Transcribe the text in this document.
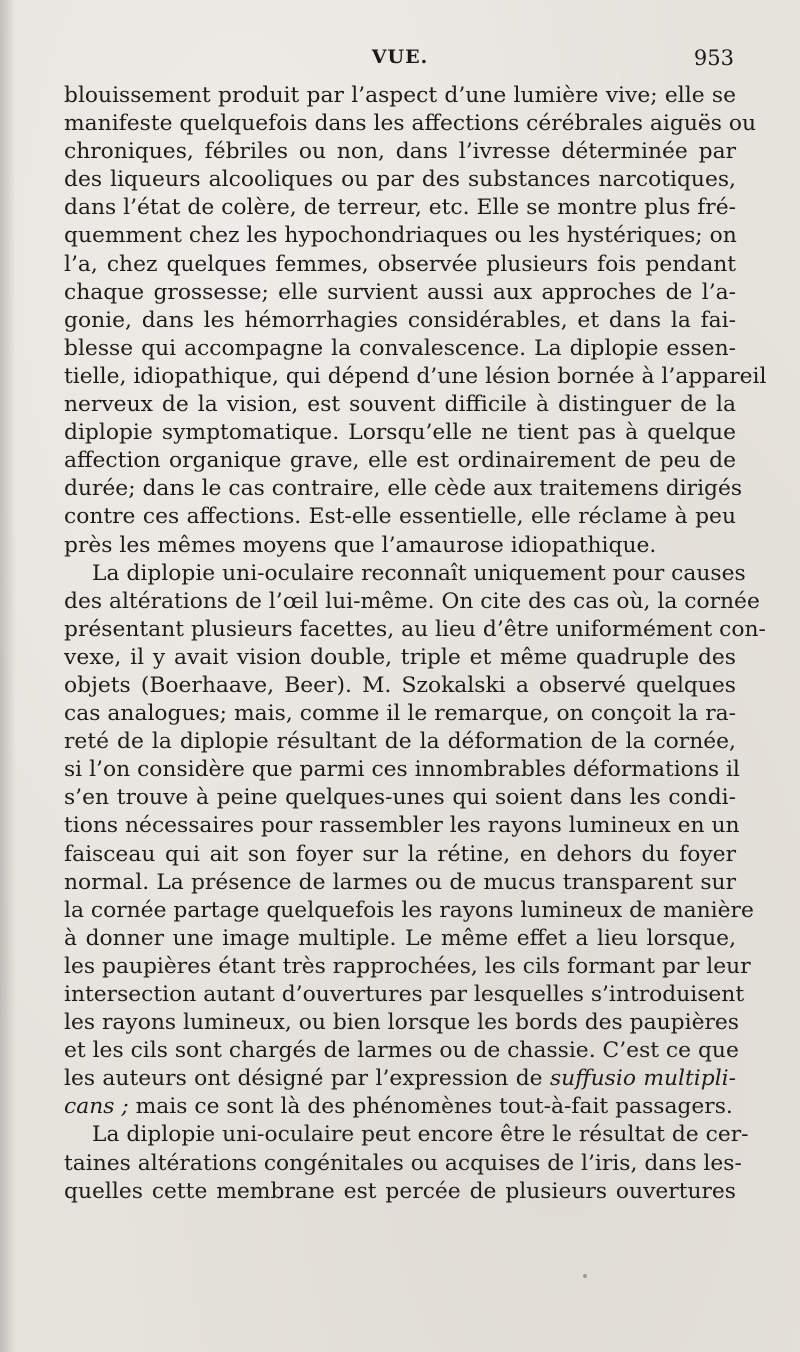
VUE.	953
blouissement produit par l’aspect d’une lumière vive; elle se
manifeste quelquefois dans les affections cérébrales aiguës ou
chroniques, fébriles ou non, dans l’ivresse déterminée par
des liqueurs alcooliques ou par des substances narcotiques,
dans l’état de colère, de terreur, etc. Elle se montre plus fré-
quemment chez les hypochondriaques ou les hystériques; on
l’a, chez quelques femmes, observée plusieurs fois pendant
chaque grossesse; elle survient aussi aux approches de l’a-
gonie, dans les hémorrhagies considérables, et dans la fai-
blesse qui accompagne la convalescence. La diplopie essen-
tielle, idiopathique, qui dépend d’une lésion bornée à l’appareil
nerveux de la vision, est souvent difficile à distinguer de la
diplopie symptomatique. Lorsqu’elle ne tient pas à quelque
affection organique grave, elle est ordinairement de peu de
durée; dans le cas contraire, elle cède aux traitemens dirigés
contre ces affections. Est-elle essentielle, elle réclame à peu
près les mêmes moyens que l’amaurose idiopathique.
La diplopie uni-oculaire reconnaît uniquement pour causes
des altérations de l’œil lui-même. On cite des cas où, la cornée
présentant plusieurs facettes, au lieu d’être uniformément con-
vexe, il y avait vision double, triple et même quadruple des
objets (Boerhaave, Beer). M. Szokalski a observé quelques
cas analogues; mais, comme il le remarque, on conçoit la ra-
reté de la diplopie résultant de la déformation de la cornée,
si l’on considère que parmi ces innombrables déformations il
s’en trouve à peine quelques-unes qui soient dans les condi-
tions nécessaires pour rassembler les rayons lumineux en un
faisceau qui ait son foyer sur la rétine, en dehors du foyer
normal. La présence de larmes ou de mucus transparent sur
la cornée partage quelquefois les rayons lumineux de manière
à donner une image multiple. Le même effet a lieu lorsque,
les paupières étant très rapprochées, les cils formant par leur
intersection autant d’ouvertures par lesquelles s’introduisent
les rayons lumineux, ou bien lorsque les bords des paupières
et les cils sont chargés de larmes ou de chassie. C’est ce que
les auteurs ont désigné par l’expression de suffusio multipli-
cans ; mais ce sont là des phénomènes tout-à-fait passagers.
La diplopie uni-oculaire peut encore être le résultat de cer-
taines altérations congénitales ou acquises de l’iris, dans les-
quelles cette membrane est percée de plusieurs ouvertures
